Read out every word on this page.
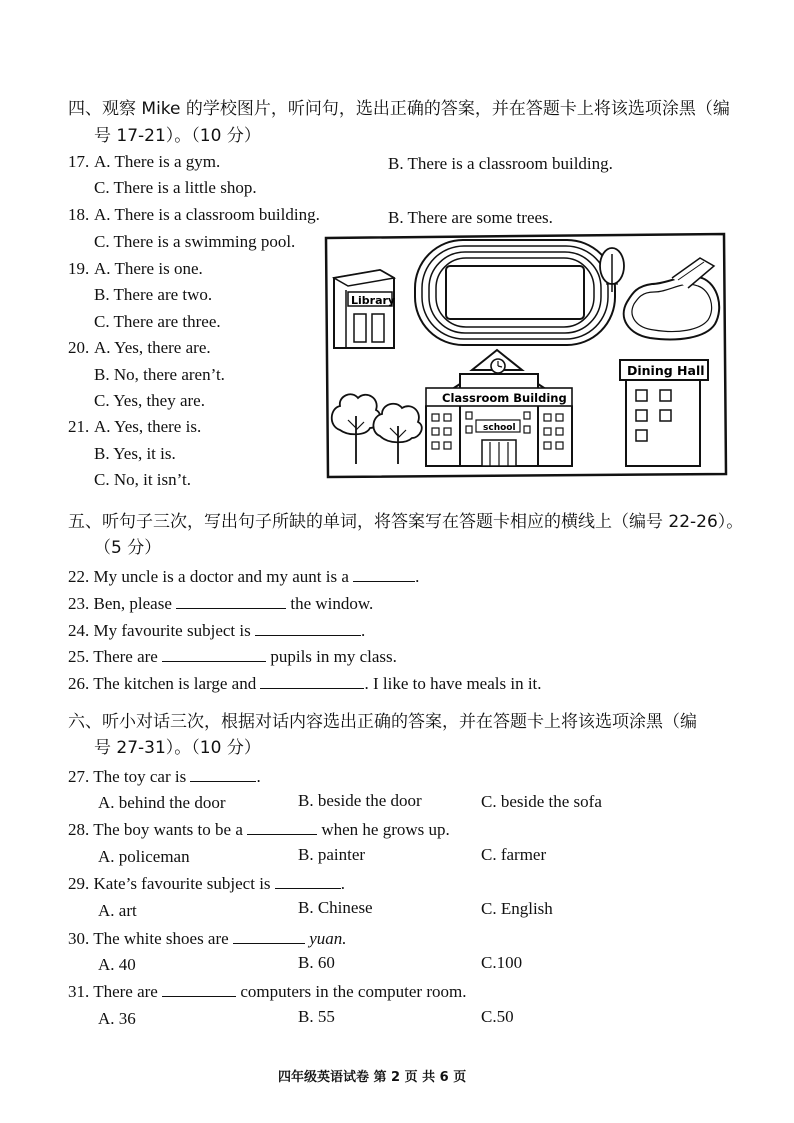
四、观察 Mike 的学校图片，听问句，选出正确的答案，并在答题卡上将该选项涂黑（编
号 17-21）。（10 分）
17. A. There is a gym.	B. There is a classroom building.
C. There is a little shop.
18. A. There is a classroom building.	B. There are some trees.
C. There is a swimming pool.
19. A. There is one.
B. There are two.
C. There are three.
20. A. Yes, there are.
B. No, there aren’t.
C. Yes, they are.
21. A. Yes, there is.
B. Yes, it is.
C. No, it isn’t.
Library
Classroom Building
school
Dining Hall
五、听句子三次，写出句子所缺的单词，将答案写在答题卡相应的横线上（编号 22-26）。
（5 分）
22. My uncle is a doctor and my aunt is a	.
23. Ben, please	the window.
24. My favourite subject is	.
25. There are	pupils in my class.
26. The kitchen is large and	. I like to have meals in it.
六、听小对话三次，根据对话内容选出正确的答案，并在答题卡上将该选项涂黑（编
号 27-31）。（10 分）
27. The toy car is	.
A. behind the door	B. beside the door	C. beside the sofa
28. The boy wants to be a	when he grows up.
A. policeman	B. painter	C. farmer
29. Kate’s favourite subject is	.
A. art	B. Chinese	C. English
30. The white shoes are	yuan.
A. 40	B. 60	C.100
31. There are	computers in the computer room.
A. 36	B. 55	C.50
四年级英语试卷 第 2 页 共 6 页
